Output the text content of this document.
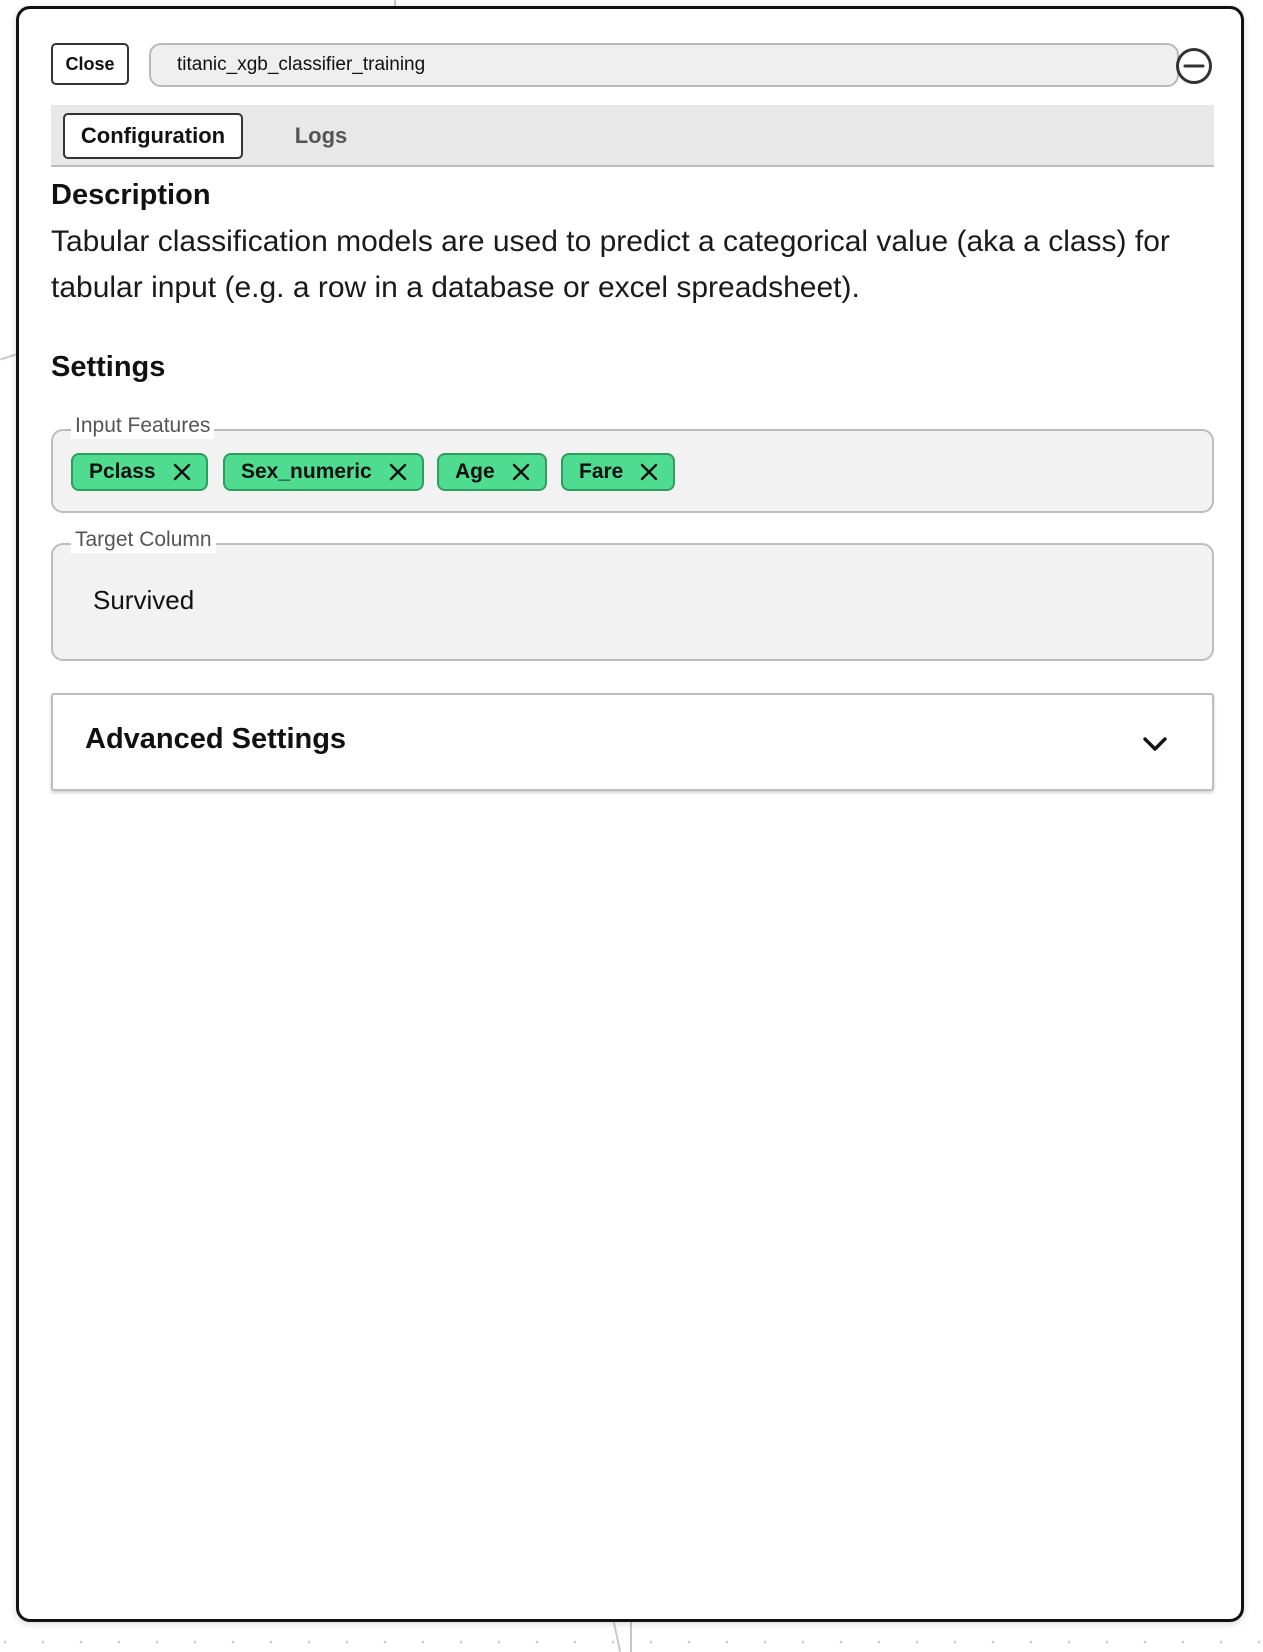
Close
titanic_xgb_classifier_training
Configuration	Logs
Description

Tabular classification models are used to predict a categorical value (aka a class) for tabular input (e.g. a row in a database or excel spreadsheet).

Settings
Input Features
Pclass	Sex_numeric	Age	Fare
Target Column
Survived
Advanced Settings
